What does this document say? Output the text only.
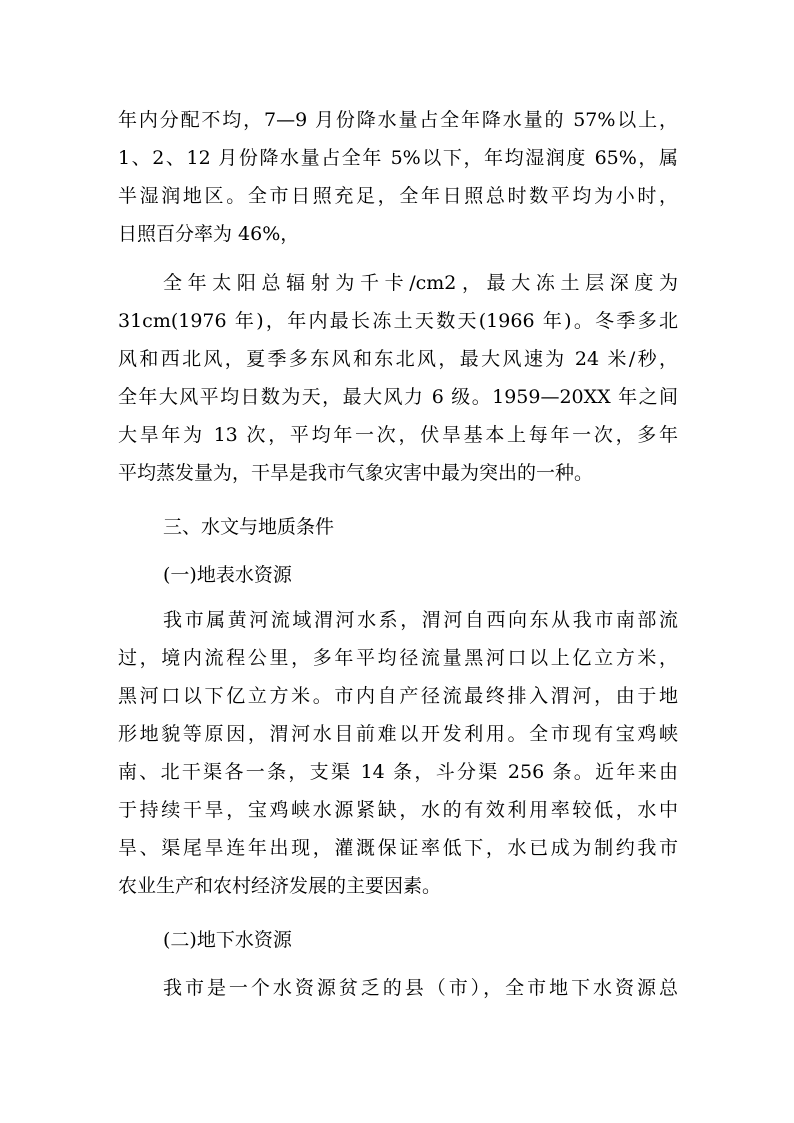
年内分配不均，7—9 月份降水量占全年降水量的 57%以上，
1、2、12 月份降水量占全年 5%以下，年均湿润度 65%，属
半湿润地区。全市日照充足，全年日照总时数平均为小时，
日照百分率为 46%，
全年太阳总辐射为千卡/cm2，最大冻土层深度为
31cm(1976 年)，年内最长冻土天数天(1966 年)。冬季多北
风和西北风，夏季多东风和东北风，最大风速为 24 米/秒，
全年大风平均日数为天，最大风力 6 级。1959—20XX 年之间
大旱年为 13 次，平均年一次，伏旱基本上每年一次，多年
平均蒸发量为，干旱是我市气象灾害中最为突出的一种。
三、水文与地质条件
(一)地表水资源
我市属黄河流域渭河水系，渭河自西向东从我市南部流
过，境内流程公里，多年平均径流量黑河口以上亿立方米，
黑河口以下亿立方米。市内自产径流最终排入渭河，由于地
形地貌等原因，渭河水目前难以开发利用。全市现有宝鸡峡
南、北干渠各一条，支渠 14 条，斗分渠 256 条。近年来由
于持续干旱，宝鸡峡水源紧缺，水的有效利用率较低，水中
旱、渠尾旱连年出现，灌溉保证率低下，水已成为制约我市
农业生产和农村经济发展的主要因素。
(二)地下水资源
我市是一个水资源贫乏的县（市），全市地下水资源总
